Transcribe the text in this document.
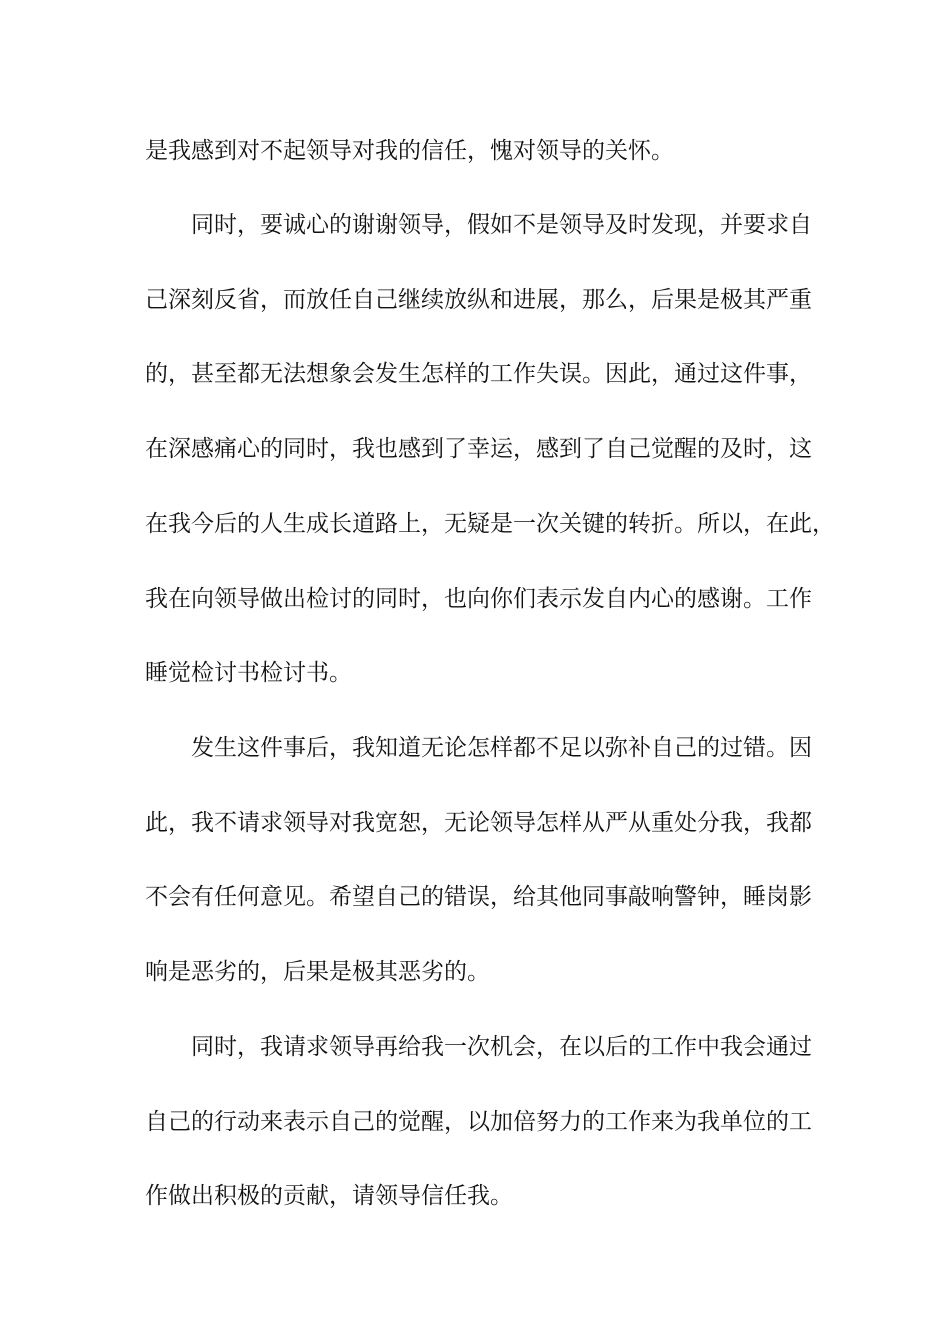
是我感到对不起领导对我的信任，愧对领导的关怀。
　　同时，要诚心的谢谢领导，假如不是领导及时发现，并要求自
己深刻反省，而放任自己继续放纵和进展，那么，后果是极其严重
的，甚至都无法想象会发生怎样的工作失误。因此，通过这件事，
在深感痛心的同时，我也感到了幸运，感到了自己觉醒的及时，这
在我今后的人生成长道路上，无疑是一次关键的转折。所以，在此，
我在向领导做出检讨的同时，也向你们表示发自内心的感谢。工作
睡觉检讨书检讨书。
　　发生这件事后，我知道无论怎样都不足以弥补自己的过错。因
此，我不请求领导对我宽恕，无论领导怎样从严从重处分我，我都
不会有任何意见。希望自己的错误，给其他同事敲响警钟，睡岗影
响是恶劣的，后果是极其恶劣的。
　　同时，我请求领导再给我一次机会，在以后的工作中我会通过
自己的行动来表示自己的觉醒，以加倍努力的工作来为我单位的工
作做出积极的贡献，请领导信任我。
